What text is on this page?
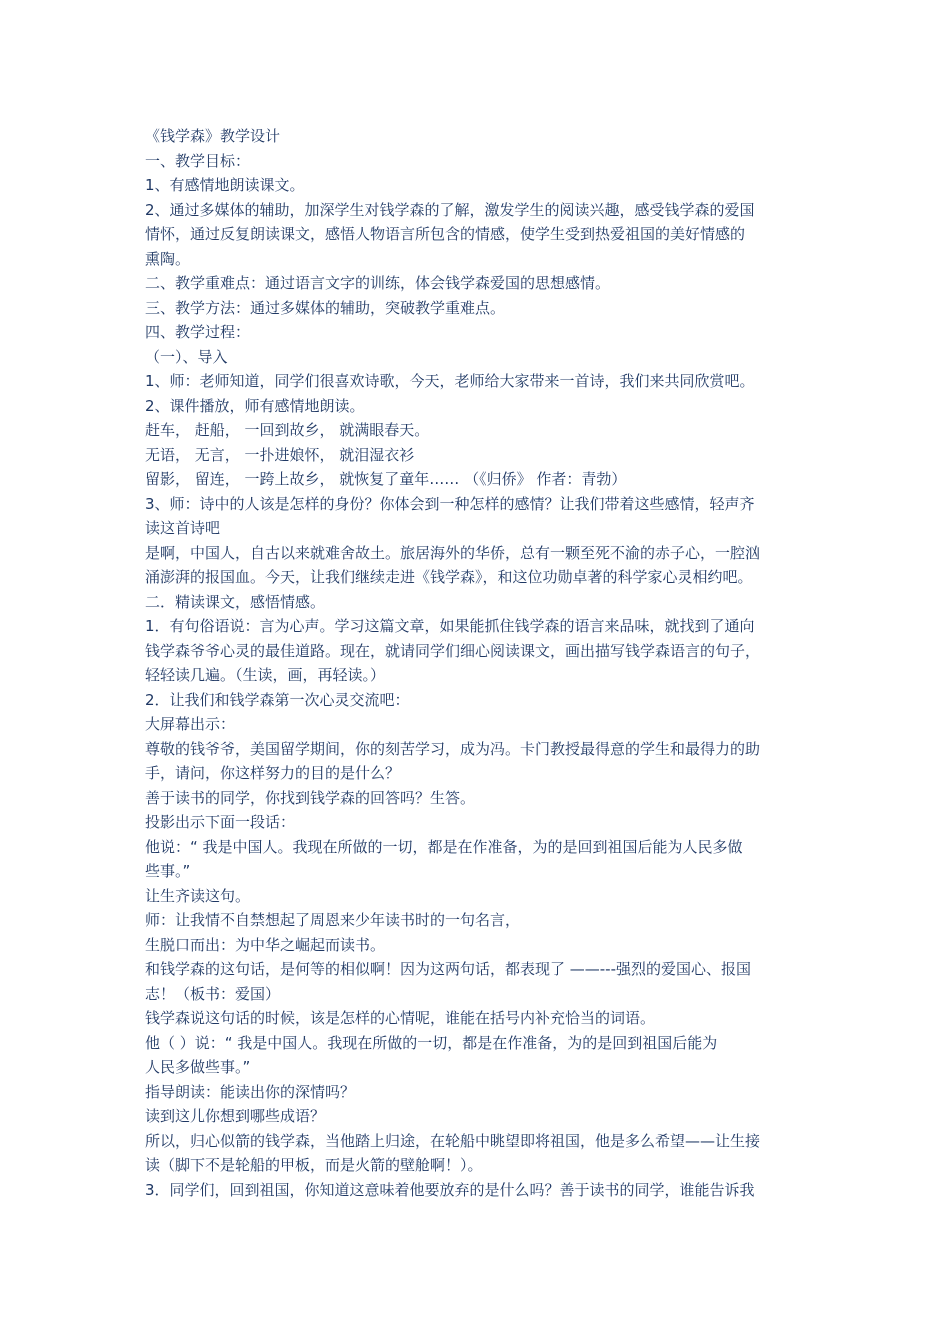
《钱学森》教学设计
一、教学目标：
1、有感情地朗读课文。
2、通过多媒体的辅助，加深学生对钱学森的了解，激发学生的阅读兴趣，感受钱学森的爱国
情怀，通过反复朗读课文，感悟人物语言所包含的情感，使学生受到热爱祖国的美好情感的
熏陶。
二、教学重难点：通过语言文字的训练，体会钱学森爱国的思想感情。
三、教学方法：通过多媒体的辅助，突破教学重难点。
四、教学过程：
（一）、导入
1、师：老师知道，同学们很喜欢诗歌，今天，老师给大家带来一首诗，我们来共同欣赏吧。
2、课件播放，师有感情地朗读。
赶车， 赶船， 一回到故乡， 就满眼春天。
无语， 无言， 一扑进娘怀， 就泪湿衣衫
留影， 留连， 一跨上故乡， 就恢复了童年…… （《归侨》 作者：青勃）
3、师：诗中的人该是怎样的身份？你体会到一种怎样的感情？让我们带着这些感情，轻声齐
读这首诗吧
是啊，中国人，自古以来就难舍故土。旅居海外的华侨，总有一颗至死不渝的赤子心，一腔汹
涌澎湃的报国血。今天，让我们继续走进《钱学森》，和这位功勋卓著的科学家心灵相约吧。
二．精读课文，感悟情感。
1．有句俗语说：言为心声。学习这篇文章，如果能抓住钱学森的语言来品味，就找到了通向
钱学森爷爷心灵的最佳道路。现在，就请同学们细心阅读课文，画出描写钱学森语言的句子，
轻轻读几遍。（生读，画，再轻读。）
2．让我们和钱学森第一次心灵交流吧：
大屏幕出示：
尊敬的钱爷爷，美国留学期间，你的刻苦学习，成为冯。卡门教授最得意的学生和最得力的助
手，请问，你这样努力的目的是什么？
善于读书的同学，你找到钱学森的回答吗？生答。
投影出示下面一段话：
他说：“ 我是中国人。我现在所做的一切，都是在作准备，为的是回到祖国后能为人民多做
些事。”
让生齐读这句。
师：让我情不自禁想起了周恩来少年读书时的一句名言，
生脱口而出：为中华之崛起而读书。
和钱学森的这句话，是何等的相似啊！因为这两句话，都表现了 ——---强烈的爱国心、报国
志！（板书：爱国）
钱学森说这句话的时候，该是怎样的心情呢，谁能在括号内补充恰当的词语。
他（ ）说：“ 我是中国人。我现在所做的一切，都是在作准备，为的是回到祖国后能为
人民多做些事。”
指导朗读：能读出你的深情吗？
读到这儿你想到哪些成语？
所以，归心似箭的钱学森，当他踏上归途，在轮船中眺望即将祖国，他是多么希望——让生接
读（脚下不是轮船的甲板，而是火箭的壁舱啊！）。
3．同学们，回到祖国，你知道这意味着他要放弃的是什么吗？善于读书的同学，谁能告诉我
